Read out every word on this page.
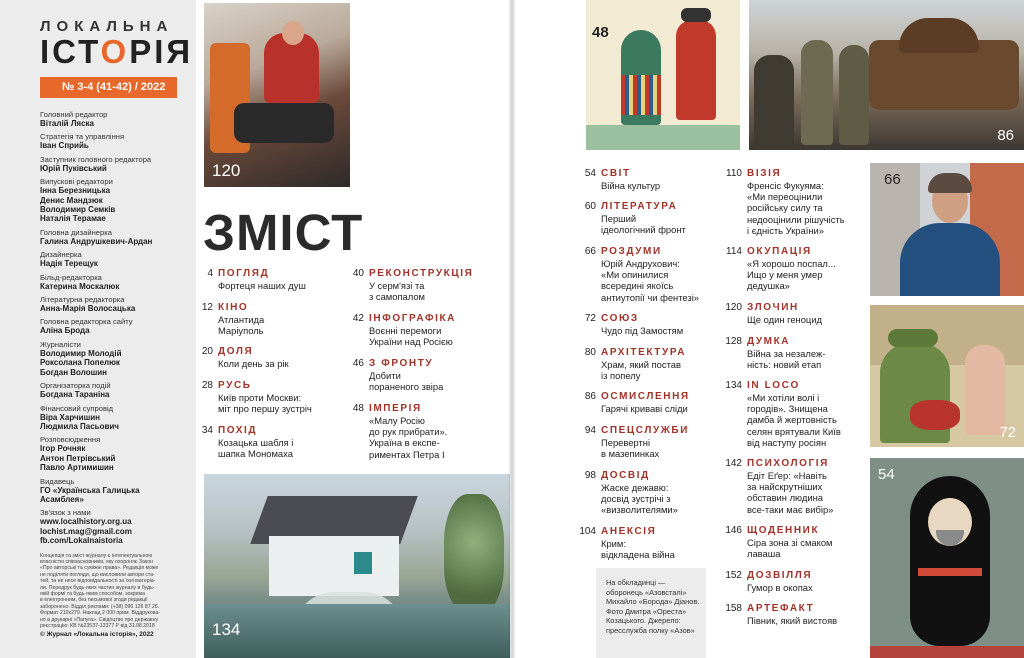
ЛОКАЛЬНА
ІСТОРІЯ
№ 3-4 (41-42) / 2022
Головний редактор
Віталій Ляска
Стратегія та управління
Іван Сприйь
Заступник головного редактора
Юрій Пуківський
Випускові редактори
Інна Березницька
Денис Мандзюк
Володимир Семків
Наталія Терамае
Головна дизайнерка
Галина Андрушкевич-Ардан
Дизайнерка
Надія Терещук
Більд-редакторка
Катерина Москалюк
Літературна редакторка
Анна-Марія Волосацька
Головна редакторка сайту
Аліна Брода
Журналісти
Володимир Молодій
Роксолана Попелюк
Богдан Волошин
Організаторка подій
Богдана Тараніна
Фінансовий супровід
Віра Харчишин
Людмила Пасьович
Розповсюдження
Ігор Рочняк
Антон Петрівський
Павло Артимишин
Видавець
ГО «Українська Галицька
Асамблея»
Зв'язок з нами
www.localhistory.org.ua
lochist.mag@gmail.com
fb.com/Lokalnaistoria
Концепція та зміст журналу є інтелектуальною
власністю співзасновників, яку охороняє Закон
«Про авторські та суміжні права». Редакція може
не поділяти погляди, що висловили автори ста-
тей, та не несе відповідальності за їхні матеріа-
ли. Передрук будь-яких частин журналу в будь-
якій формі та будь-яким способом, зокрема
в електронним, без письмової згоди редакції
заборонено. Відділ реклами: (+38) 096 126 87 26.
Формат 210x270. Наклад 2 000 прим. Віддрукова-
но в друкарні «Папуга». Свідоцтво про державну
реєстрацію: КВ №23537-13377 Р від 31.08.2018
© Журнал «Локальна історія», 2022
120
ЗМІСТ
4 ПОГЛЯД
Фортеця наших душ
12 КІНО
Атлантида
Маріуполь
20 ДОЛЯ
Коли день за рік
28 РУСЬ
Київ проти Москви:
міт про першу зустріч
34 ПОХІД
Козацька шабля і
шапка Мономаха
40 РЕКОНСТРУКЦІЯ
У серм'язі та
з самопалом
42 ІНФОГРАФІКА
Воєнні перемоги
України над Росією
46 З ФРОНТУ
Добити
пораненого звіра
48 ІМПЕРІЯ
«Малу Росію
до рук прибрати».
Україна в експе-
риментах Петра І
134
48
86
54 СВІТ
Війна культур
60 ЛІТЕРАТУРА
Перший
ідеологічний фронт
66 РОЗДУМИ
Юрій Андрухович:
«Ми опинилися
всередині якоїсь
антиутопії чи фентезі»
72 СОЮЗ
Чудо під Замостям
80 АРХІТЕКТУРА
Храм, який постав
із попелу
86 ОСМИСЛЕННЯ
Гарячі криваві сліди
94 СПЕЦСЛУЖБИ
Перевертні
в мазепинках
98 ДОСВІД
Жаске дежавю:
досвід зустрічі з
«визволителями»
104 АНЕКСІЯ
Крим:
відкладена війна
На обкладинці —
оборонець «Азовсталі»
Михайло «Борода» Діанов.
Фото Дмитра «Ореста»
Козацького. Джерело:
пресслужба полку «Азов»
110 ВІЗІЯ
Френсіс Фукуяма:
«Ми переоцінили
російську силу та
недооцінили рішучість
і єдність України»
114 ОКУПАЦІЯ
«Я хорошо поспал...
Ищо у меня умер
дедушка»
120 ЗЛОЧИН
Ще один геноцид
128 ДУМКА
Війна за незалеж-
ність: новий етап
134 IN LOCO
«Ми хотіли волі і
городів». Знищена
дамба й жертовність
селян врятували Київ
від наступу росіян
142 ПСИХОЛОГІЯ
Едіт Еґер: «Навіть
за найскрутніших
обставин людина
все-таки має вибір»
146 ЩОДЕННИК
Сіра зона зі смаком
лаваша
152 ДОЗВІЛЛЯ
Гумор в окопах
158 АРТЕФАКТ
Півник, який вистояв
66
72
54
